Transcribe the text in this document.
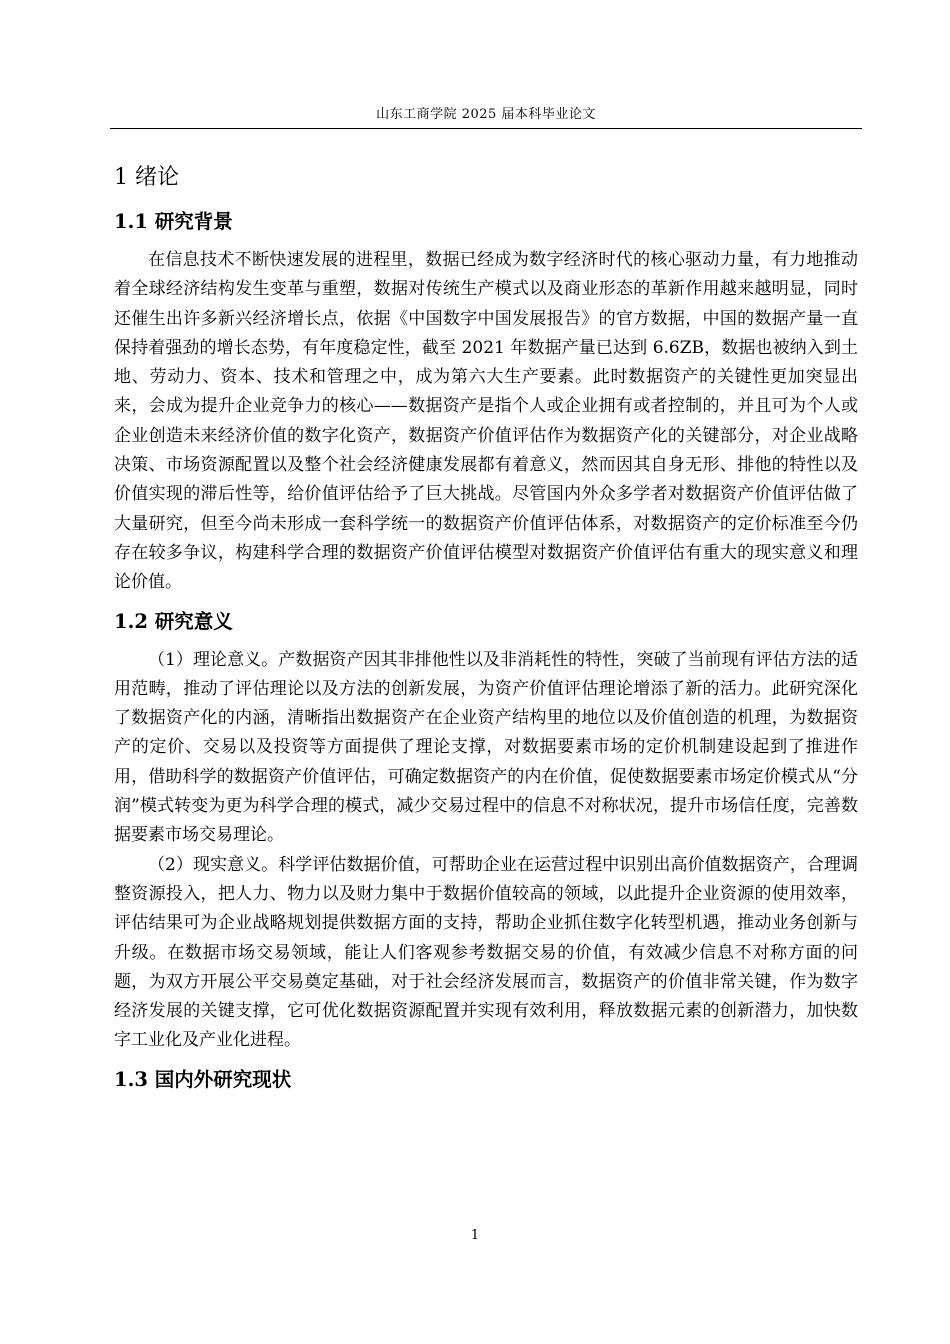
山东工商学院 2025 届本科毕业论文
1 绪论
1.1 研究背景

在信息技术不断快速发展的进程里，数据已经成为数字经济时代的核心驱动力量，有力地推动着全球经济结构发生变革与重塑，数据对传统生产模式以及商业形态的革新作用越来越明显，同时还催生出许多新兴经济增长点，依据《中国数字中国发展报告》的官方数据，中国的数据产量一直保持着强劲的增长态势，有年度稳定性，截至 2021 年数据产量已达到 6.6ZB，数据也被纳入到土地、劳动力、资本、技术和管理之中，成为第六大生产要素。此时数据资产的关键性更加突显出来，会成为提升企业竞争力的核心——数据资产是指个人或企业拥有或者控制的，并且可为个人或企业创造未来经济价值的数字化资产，数据资产价值评估作为数据资产化的关键部分，对企业战略决策、市场资源配置以及整个社会经济健康发展都有着意义，然而因其自身无形、排他的特性以及价值实现的滞后性等，给价值评估给予了巨大挑战。尽管国内外众多学者对数据资产价值评估做了大量研究，但至今尚未形成一套科学统一的数据资产价值评估体系，对数据资产的定价标准至今仍存在较多争议，构建科学合理的数据资产价值评估模型对数据资产价值评估有重大的现实意义和理论价值。

1.2 研究意义

（1）理论意义。产数据资产因其非排他性以及非消耗性的特性，突破了当前现有评估方法的适用范畴，推动了评估理论以及方法的创新发展，为资产价值评估理论增添了新的活力。此研究深化了数据资产化的内涵，清晰指出数据资产在企业资产结构里的地位以及价值创造的机理，为数据资产的定价、交易以及投资等方面提供了理论支撑，对数据要素市场的定价机制建设起到了推进作用，借助科学的数据资产价值评估，可确定数据资产的内在价值，促使数据要素市场定价模式从“分润”模式转变为更为科学合理的模式，减少交易过程中的信息不对称状况，提升市场信任度，完善数据要素市场交易理论。

（2）现实意义。科学评估数据价值，可帮助企业在运营过程中识别出高价值数据资产，合理调整资源投入，把人力、物力以及财力集中于数据价值较高的领域，以此提升企业资源的使用效率，评估结果可为企业战略规划提供数据方面的支持，帮助企业抓住数字化转型机遇，推动业务创新与升级。在数据市场交易领域，能让人们客观参考数据交易的价值，有效减少信息不对称方面的问题，为双方开展公平交易奠定基础，对于社会经济发展而言，数据资产的价值非常关键，作为数字经济发展的关键支撑，它可优化数据资源配置并实现有效利用，释放数据元素的创新潜力，加快数字工业化及产业化进程。

1.3 国内外研究现状
1
